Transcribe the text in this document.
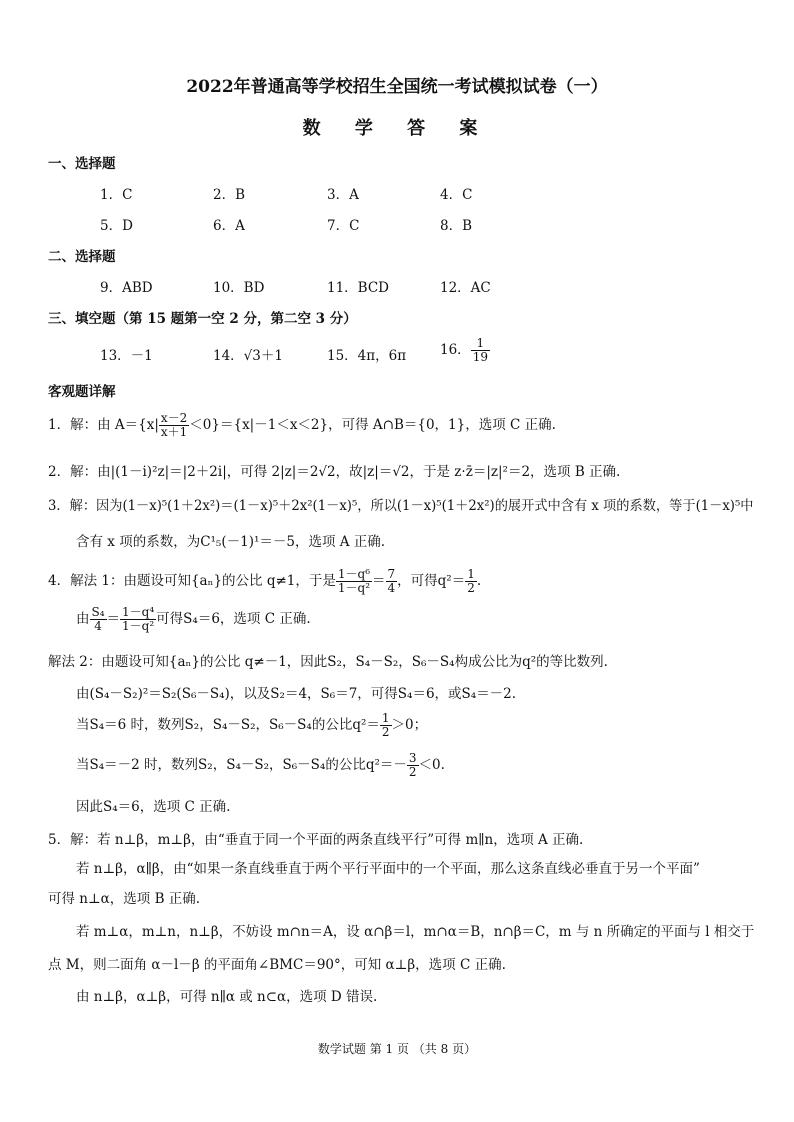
2022年普通高等学校招生全国统一考试模拟试卷（一）
数 学 答 案
一、选择题
1．C	2．B	3．A	4．C
5．D	6．A	7．C	8．B
二、选择题
9．ABD	10．BD	11．BCD	12．AC
三、填空题（第 15 题第一空 2 分，第二空 3 分）
13．－1	14．√3＋1	15．4π，6π	16． $\frac{1}{19}$
客观题详解
1．解：由 $A=\{x| \frac{x-2}{x+1} <0\}=\{x|-1<x<2\}$，可得 A∩B＝{0，1}，选项 C 正确.
2．解：由|(1－i)²z|＝|2＋2i|，可得 2|z|＝2√2，故|z|＝√2，于是 z·z̄＝|z|²＝2，选项 B 正确.
3．解：因为(1－x)⁵(1＋2x²)＝(1－x)⁵＋2x²(1－x)⁵，所以(1－x)⁵(1＋2x²)的展开式中含有 x 项的系数，等于(1－x)⁵中
含有 x 项的系数，为C¹₅(－1)¹＝－5，选项 A 正确.
4．解法 1：由题设可知{aₙ}的公比 q≠1，于是 $\frac{\text{1－q⁶}}{\text{1－q²}} = \frac{7}{4}$ ，可得$q^2= \frac{1}{2}$ .
由 $\frac{\text{S₄}}{4} = \frac{\text{1－q⁴}}{\text{1－q²}}$ 可得S₄＝6，选项 C 正确.
解法 2：由题设可知{aₙ}的公比 q≠－1，因此S₂，S₄－S₂，S₆－S₄构成公比为q²的等比数列.
由(S₄－S₂)²＝S₂(S₆－S₄)，以及S₂＝4，S₆＝7，可得S₄＝6，或S₄＝－2.
当S₄＝6 时，数列S₂，S₄－S₂，S₆－S₄的公比$q^2= \frac{1}{2} >0$；
当S₄＝－2 时，数列S₂，S₄－S₂，S₆－S₄的公比$q^2=- \frac{3}{2} <0$.
因此S₄＝6，选项 C 正确.
5．解：若 n⊥β，m⊥β，由“垂直于同一个平面的两条直线平行”可得 m∥n，选项 A 正确.
若 n⊥β，α∥β，由“如果一条直线垂直于两个平行平面中的一个平面，那么这条直线必垂直于另一个平面”
可得 n⊥α，选项 B 正确.
若 m⊥α，m⊥n，n⊥β，不妨设 m∩n＝A，设 α∩β＝l，m∩α＝B，n∩β＝C，m 与 n 所确定的平面与 l 相交于
点 M，则二面角 α－l－β 的平面角∠BMC＝90°，可知 α⊥β，选项 C 正确.
由 n⊥β，α⊥β，可得 n∥α 或 n⊂α，选项 D 错误.
数学试题 第 1 页 （共 8 页）
